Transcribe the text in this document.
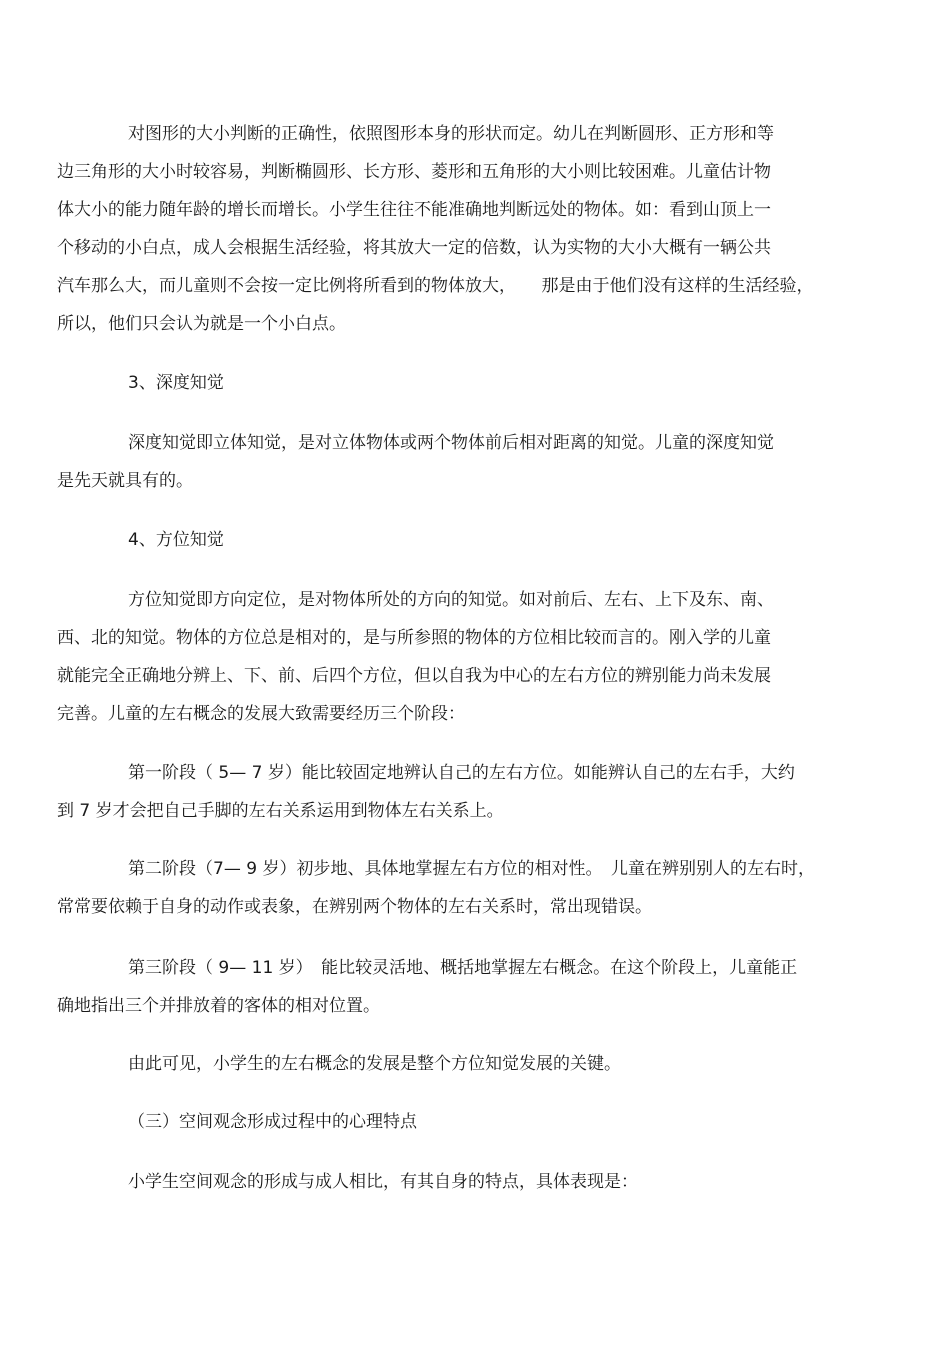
对图形的大小判断的正确性，依照图形本身的形状而定。幼儿在判断圆形、正方形和等
边三角形的大小时较容易，判断椭圆形、长方形、菱形和五角形的大小则比较困难。儿童估计物
体大小的能力随年龄的增长而增长。小学生往往不能准确地判断远处的物体。如：看到山顶上一
个移动的小白点，成人会根据生活经验，将其放大一定的倍数，认为实物的大小大概有一辆公共
汽车那么大，而儿童则不会按一定比例将所看到的物体放大，　　那是由于他们没有这样的生活经验，
所以，他们只会认为就是一个小白点。
3、深度知觉
深度知觉即立体知觉，是对立体物体或两个物体前后相对距离的知觉。儿童的深度知觉
是先天就具有的。
4、方位知觉
方位知觉即方向定位，是对物体所处的方向的知觉。如对前后、左右、上下及东、南、
西、北的知觉。物体的方位总是相对的，是与所参照的物体的方位相比较而言的。刚入学的儿童
就能完全正确地分辨上、下、前、后四个方位，但以自我为中心的左右方位的辨别能力尚未发展
完善。儿童的左右概念的发展大致需要经历三个阶段：
第一阶段（ 5— 7 岁）能比较固定地辨认自己的左右方位。如能辨认自己的左右手，大约
到 7 岁才会把自己手脚的左右关系运用到物体左右关系上。
第二阶段（7— 9 岁）初步地、具体地掌握左右方位的相对性。　儿童在辨别别人的左右时，
常常要依赖于自身的动作或表象，在辨别两个物体的左右关系时，常出现错误。
第三阶段（ 9— 11 岁）　能比较灵活地、概括地掌握左右概念。在这个阶段上，儿童能正
确地指出三个并排放着的客体的相对位置。
由此可见，小学生的左右概念的发展是整个方位知觉发展的关键。
（三）空间观念形成过程中的心理特点
小学生空间观念的形成与成人相比，有其自身的特点，具体表现是：
